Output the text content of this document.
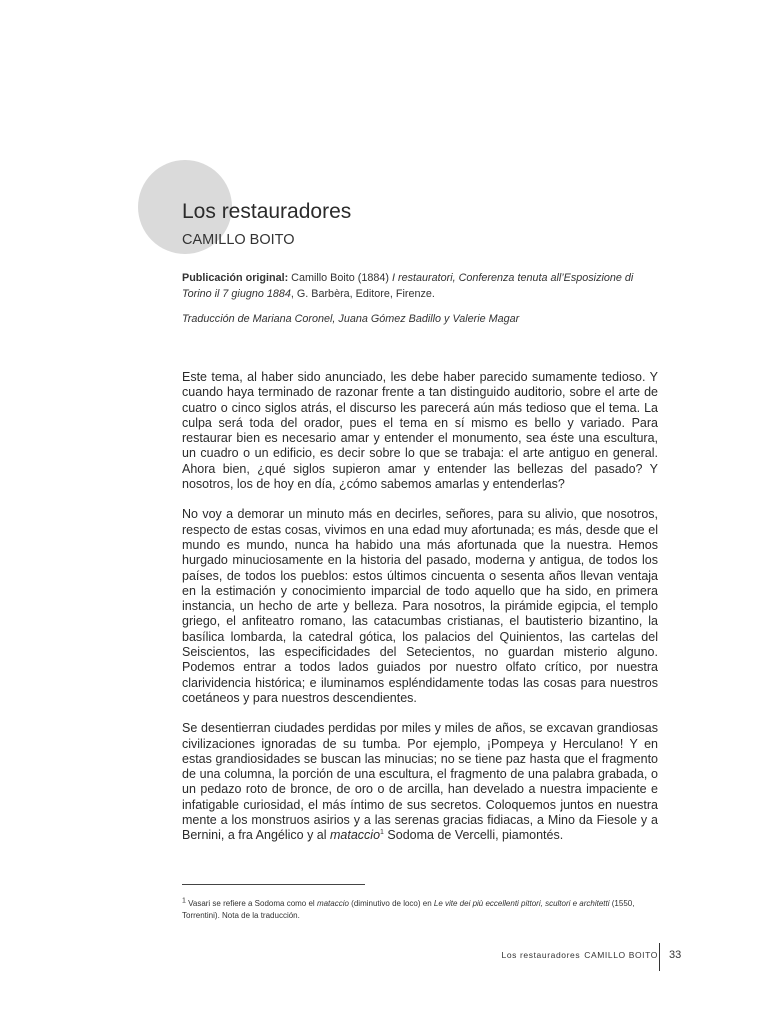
Los restauradores
CAMILLO BOITO

Publicación original: Camillo Boito (1884) I restauratori, Conferenza tenuta all’Esposizione di Torino il 7 giugno 1884, G. Barbèra, Editore, Firenze.

Traducción de Mariana Coronel, Juana Gómez Badillo y Valerie Magar

Este tema, al haber sido anunciado, les debe haber parecido sumamente tedioso. Y cuando haya terminado de razonar frente a tan distinguido auditorio, sobre el arte de cuatro o cinco siglos atrás, el discurso les parecerá aún más tedioso que el tema. La culpa será toda del orador, pues el tema en sí mismo es bello y variado. Para restaurar bien es necesario amar y entender el monumento, sea éste una escultura, un cuadro o un edificio, es decir sobre lo que se trabaja: el arte antiguo en general. Ahora bien, ¿qué siglos supieron amar y entender las bellezas del pasado? Y nosotros, los de hoy en día, ¿cómo sabemos amarlas y entenderlas?

No voy a demorar un minuto más en decirles, señores, para su alivio, que nosotros, respecto de estas cosas, vivimos en una edad muy afortunada; es más, desde que el mundo es mundo, nunca ha habido una más afortunada que la nuestra. Hemos hurgado minuciosamente en la historia del pasado, moderna y antigua, de todos los países, de todos los pueblos: estos últimos cincuenta o sesenta años llevan ventaja en la estimación y conocimiento imparcial de todo aquello que ha sido, en primera instancia, un hecho de arte y belleza. Para nosotros, la pirámide egipcia, el templo griego, el anfiteatro romano, las catacumbas cristianas, el bautisterio bizantino, la basílica lombarda, la catedral gótica, los palacios del Quinientos, las cartelas del Seiscientos, las especificidades del Setecientos, no guardan misterio alguno. Podemos entrar a todos lados guiados por nuestro olfato crítico, por nuestra clarividencia histórica; e iluminamos espléndidamente todas las cosas para nuestros coetáneos y para nuestros descendientes.

Se desentierran ciudades perdidas por miles y miles de años, se excavan grandiosas civilizaciones ignoradas de su tumba. Por ejemplo, ¡Pompeya y Herculano! Y en estas grandiosidades se buscan las minucias; no se tiene paz hasta que el fragmento de una columna, la porción de una escultura, el fragmento de una palabra grabada, o un pedazo roto de bronce, de oro o de arcilla, han develado a nuestra impaciente e infatigable curiosidad, el más íntimo de sus secretos. Coloquemos juntos en nuestra mente a los monstruos asirios y a las serenas gracias fidiacas, a Mino da Fiesole y a Bernini, a fra Angélico y al mataccio$^1$ Sodoma de Vercelli, piamontés.

$^1$ Vasari se refiere a Sodoma como el mataccio (diminutivo de loco) en Le vite dei più eccellenti pittori, scultori e architetti (1550, Torrentini). Nota de la traducción.

Los restauradores CAMILLO BOITO 33
